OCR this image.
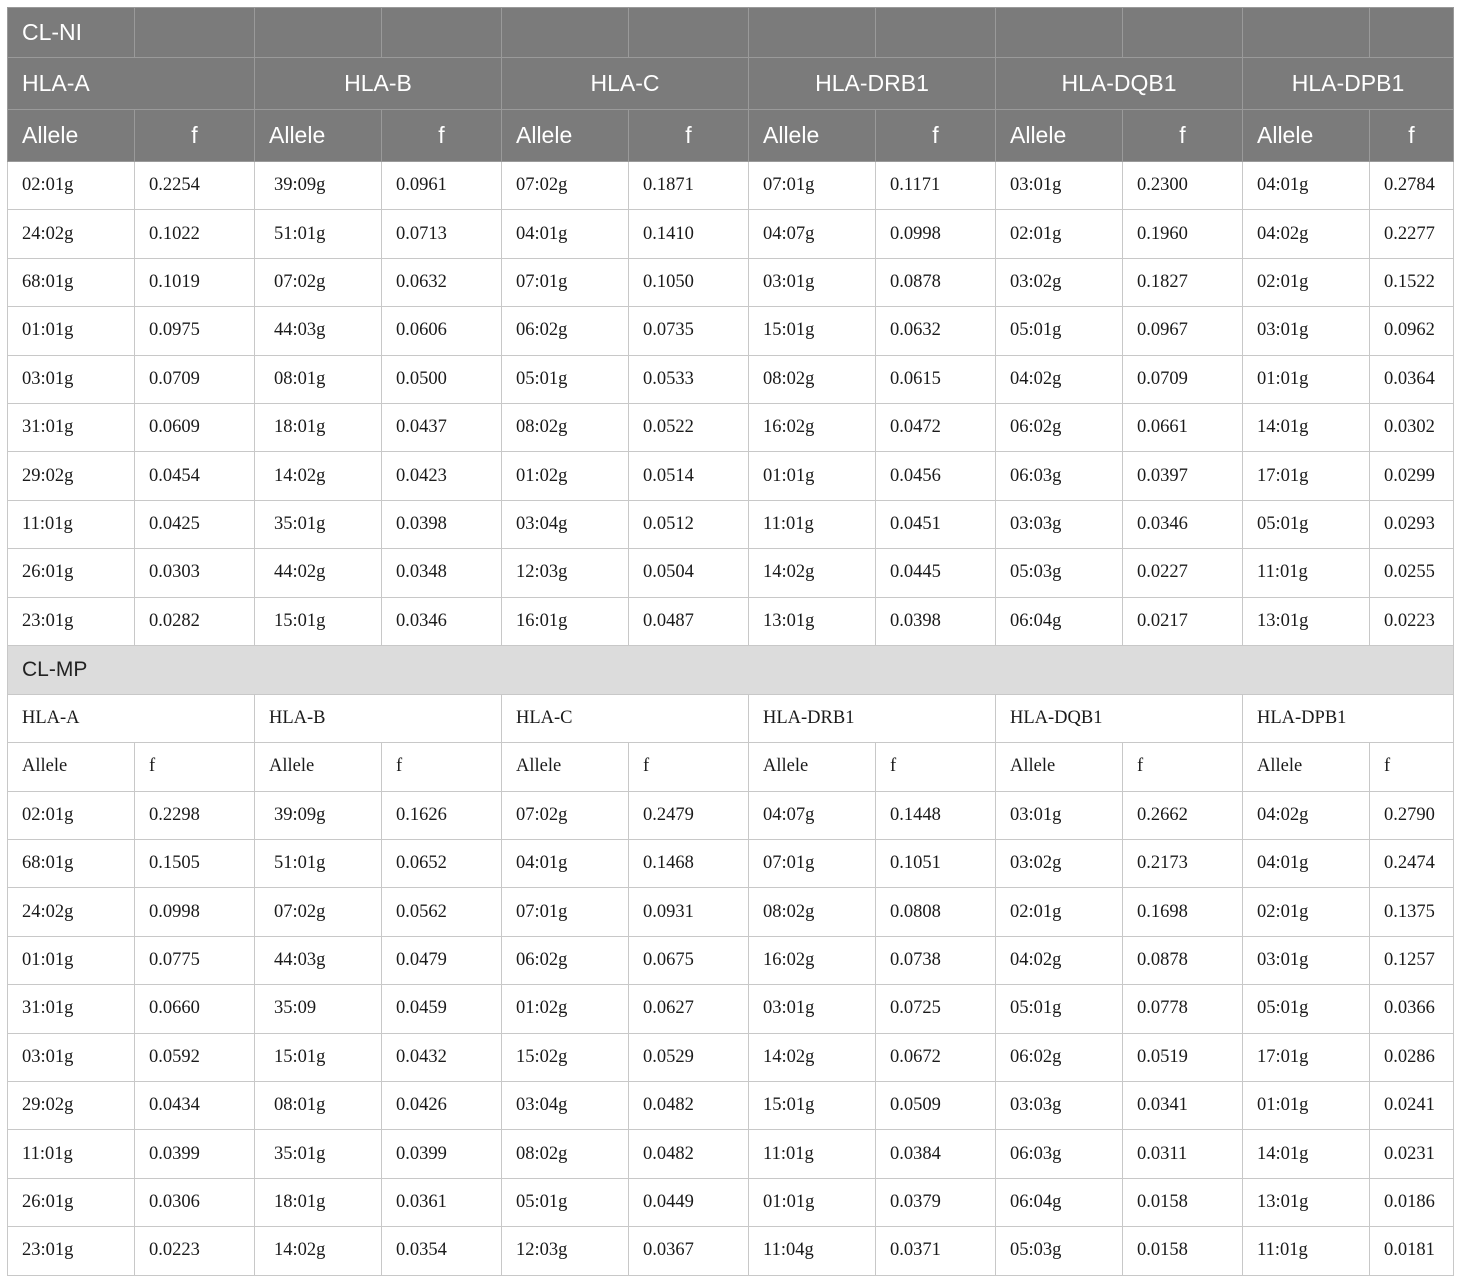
CL-NI											
HLA-A		HLA-B		HLA-C		HLA-DRB1		HLA-DQB1		HLA-DPB1	
Allele	f	Allele	f	Allele	f	Allele	f	Allele	f	Allele	f
02:01g	0.2254	39:09g	0.0961	07:02g	0.1871	07:01g	0.1171	03:01g	0.2300	04:01g	0.2784
24:02g	0.1022	51:01g	0.0713	04:01g	0.1410	04:07g	0.0998	02:01g	0.1960	04:02g	0.2277
68:01g	0.1019	07:02g	0.0632	07:01g	0.1050	03:01g	0.0878	03:02g	0.1827	02:01g	0.1522
01:01g	0.0975	44:03g	0.0606	06:02g	0.0735	15:01g	0.0632	05:01g	0.0967	03:01g	0.0962
03:01g	0.0709	08:01g	0.0500	05:01g	0.0533	08:02g	0.0615	04:02g	0.0709	01:01g	0.0364
31:01g	0.0609	18:01g	0.0437	08:02g	0.0522	16:02g	0.0472	06:02g	0.0661	14:01g	0.0302
29:02g	0.0454	14:02g	0.0423	01:02g	0.0514	01:01g	0.0456	06:03g	0.0397	17:01g	0.0299
11:01g	0.0425	35:01g	0.0398	03:04g	0.0512	11:01g	0.0451	03:03g	0.0346	05:01g	0.0293
26:01g	0.0303	44:02g	0.0348	12:03g	0.0504	14:02g	0.0445	05:03g	0.0227	11:01g	0.0255
23:01g	0.0282	15:01g	0.0346	16:01g	0.0487	13:01g	0.0398	06:04g	0.0217	13:01g	0.0223
CL-MP											
HLA-A		HLA-B		HLA-C		HLA-DRB1		HLA-DQB1		HLA-DPB1	
Allele	f	Allele	f	Allele	f	Allele	f	Allele	f	Allele	f
02:01g	0.2298	39:09g	0.1626	07:02g	0.2479	04:07g	0.1448	03:01g	0.2662	04:02g	0.2790
68:01g	0.1505	51:01g	0.0652	04:01g	0.1468	07:01g	0.1051	03:02g	0.2173	04:01g	0.2474
24:02g	0.0998	07:02g	0.0562	07:01g	0.0931	08:02g	0.0808	02:01g	0.1698	02:01g	0.1375
01:01g	0.0775	44:03g	0.0479	06:02g	0.0675	16:02g	0.0738	04:02g	0.0878	03:01g	0.1257
31:01g	0.0660	35:09	0.0459	01:02g	0.0627	03:01g	0.0725	05:01g	0.0778	05:01g	0.0366
03:01g	0.0592	15:01g	0.0432	15:02g	0.0529	14:02g	0.0672	06:02g	0.0519	17:01g	0.0286
29:02g	0.0434	08:01g	0.0426	03:04g	0.0482	15:01g	0.0509	03:03g	0.0341	01:01g	0.0241
11:01g	0.0399	35:01g	0.0399	08:02g	0.0482	11:01g	0.0384	06:03g	0.0311	14:01g	0.0231
26:01g	0.0306	18:01g	0.0361	05:01g	0.0449	01:01g	0.0379	06:04g	0.0158	13:01g	0.0186
23:01g	0.0223	14:02g	0.0354	12:03g	0.0367	11:04g	0.0371	05:03g	0.0158	11:01g	0.0181
